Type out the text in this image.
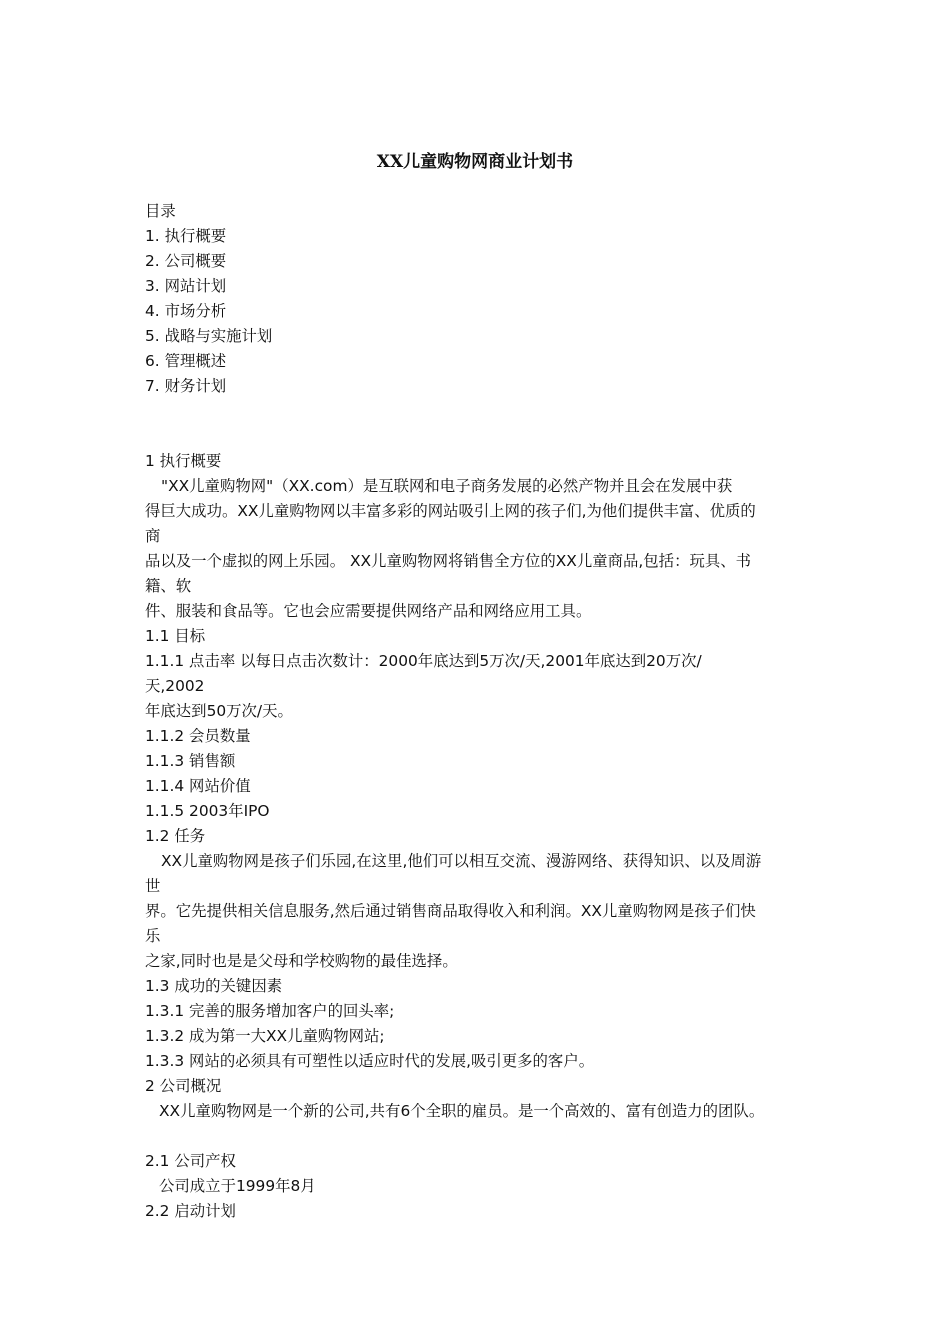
XX儿童购物网商业计划书
目录
1. 执行概要
2. 公司概要
3. 网站计划
4. 市场分析
5. 战略与实施计划
6. 管理概述
7. 财务计划
1 执行概要
"XX儿童购物网"（XX.com）是互联网和电子商务发展的必然产物并且会在发展中获
得巨大成功。XX儿童购物网以丰富多彩的网站吸引上网的孩子们,为他们提供丰富、优质的
商
品以及一个虚拟的网上乐园。 XX儿童购物网将销售全方位的XX儿童商品,包括：玩具、书
籍、软
件、服装和食品等。它也会应需要提供网络产品和网络应用工具。
1.1 目标
1.1.1 点击率 以每日点击次数计：2000年底达到5万次/天,2001年底达到20万次/
天,2002
年底达到50万次/天。
1.1.2 会员数量
1.1.3 销售额
1.1.4 网站价值
1.1.5 2003年IPO
1.2 任务
XX儿童购物网是孩子们乐园,在这里,他们可以相互交流、漫游网络、获得知识、以及周游
世
界。它先提供相关信息服务,然后通过销售商品取得收入和利润。XX儿童购物网是孩子们快
乐
之家,同时也是是父母和学校购物的最佳选择。
1.3 成功的关键因素
1.3.1 完善的服务增加客户的回头率;
1.3.2 成为第一大XX儿童购物网站;
1.3.3 网站的必须具有可塑性以适应时代的发展,吸引更多的客户。
2 公司概况
XX儿童购物网是一个新的公司,共有6个全职的雇员。是一个高效的、富有创造力的团队。
2.1 公司产权
公司成立于1999年8月
2.2 启动计划
